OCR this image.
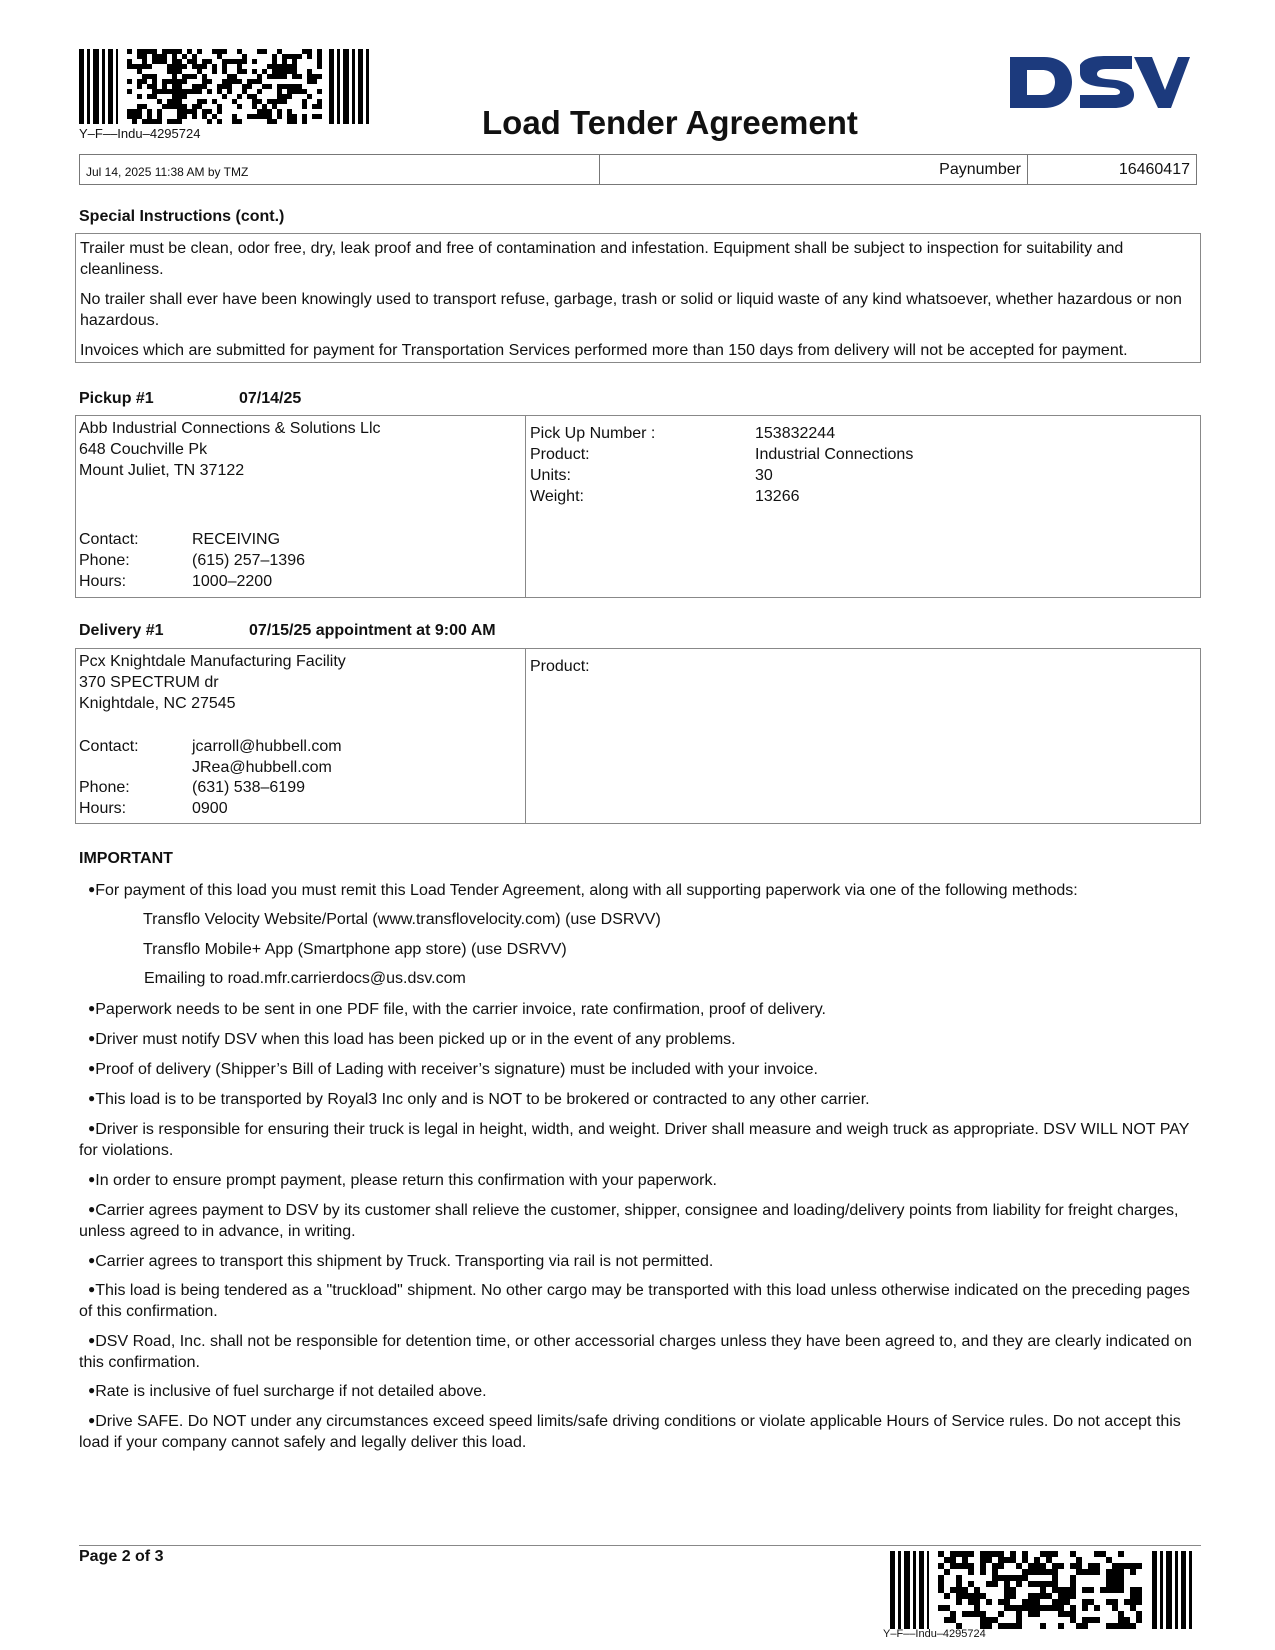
Y–F––Indu–4295724	Load Tender Agreement
Jul 14, 2025 11:38 AM by TMZ
		Paynumber	16460417
Special Instructions (cont.)

Trailer must be clean, odor free, dry, leak proof and free of contamination and infestation. Equipment shall be subject to inspection for suitability and cleanliness.

No trailer shall ever have been knowingly used to transport refuse, garbage, trash or solid or liquid waste of any kind whatsoever, whether hazardous or non hazardous.

Invoices which are submitted for payment for Transportation Services performed more than 150 days from delivery will not be accepted for payment.

Pickup #1	07/14/25
Abb Industrial Connections & Solutions Llc
648 Couchville Pk
Mount Juliet, TN 37122
Contact:	RECEIVING
Phone:	(615) 257–1396
Hours:	1000–2200
Pick Up Number :	153832244
Product:	Industrial Connections
Units:	30
Weight:	13266
Delivery #1	07/15/25 appointment at 9:00 AM
Pcx Knightdale Manufacturing Facility
370 SPECTRUM dr
Knightdale, NC 27545
Contact:	jcarroll@hubbell.com
JRea@hubbell.com
Phone:	(631) 538–6199
Hours:	0900
Product:
IMPORTANT
●For payment of this load you must remit this Load Tender Agreement, along with all supporting paperwork via one of the following methods:
Transflo Velocity Website/Portal (www.transflovelocity.com) (use DSRVV)
Transflo Mobile+ App (Smartphone app store) (use DSRVV)
Emailing to road.mfr.carrierdocs@us.dsv.com
●Paperwork needs to be sent in one PDF file, with the carrier invoice, rate confirmation, proof of delivery.
●Driver must notify DSV when this load has been picked up or in the event of any problems.
●Proof of delivery (Shipper’s Bill of Lading with receiver’s signature) must be included with your invoice.
●This load is to be transported by Royal3 Inc only and is NOT to be brokered or contracted to any other carrier.
●Driver is responsible for ensuring their truck is legal in height, width, and weight. Driver shall measure and weigh truck as appropriate. DSV WILL NOT PAY for violations.
●In order to ensure prompt payment, please return this confirmation with your paperwork.
●Carrier agrees payment to DSV by its customer shall relieve the customer, shipper, consignee and loading/delivery points from liability for freight charges, unless agreed to in advance, in writing.
●Carrier agrees to transport this shipment by Truck. Transporting via rail is not permitted.
●This load is being tendered as a "truckload" shipment. No other cargo may be transported with this load unless otherwise indicated on the preceding pages of this confirmation.
●DSV Road, Inc. shall not be responsible for detention time, or other accessorial charges unless they have been agreed to, and they are clearly indicated on this confirmation.
●Rate is inclusive of fuel surcharge if not detailed above.
●Drive SAFE. Do NOT under any circumstances exceed speed limits/safe driving conditions or violate applicable Hours of Service rules. Do not accept this load if your company cannot safely and legally deliver this load.
Page 2 of 3
Y–F––Indu–4295724
